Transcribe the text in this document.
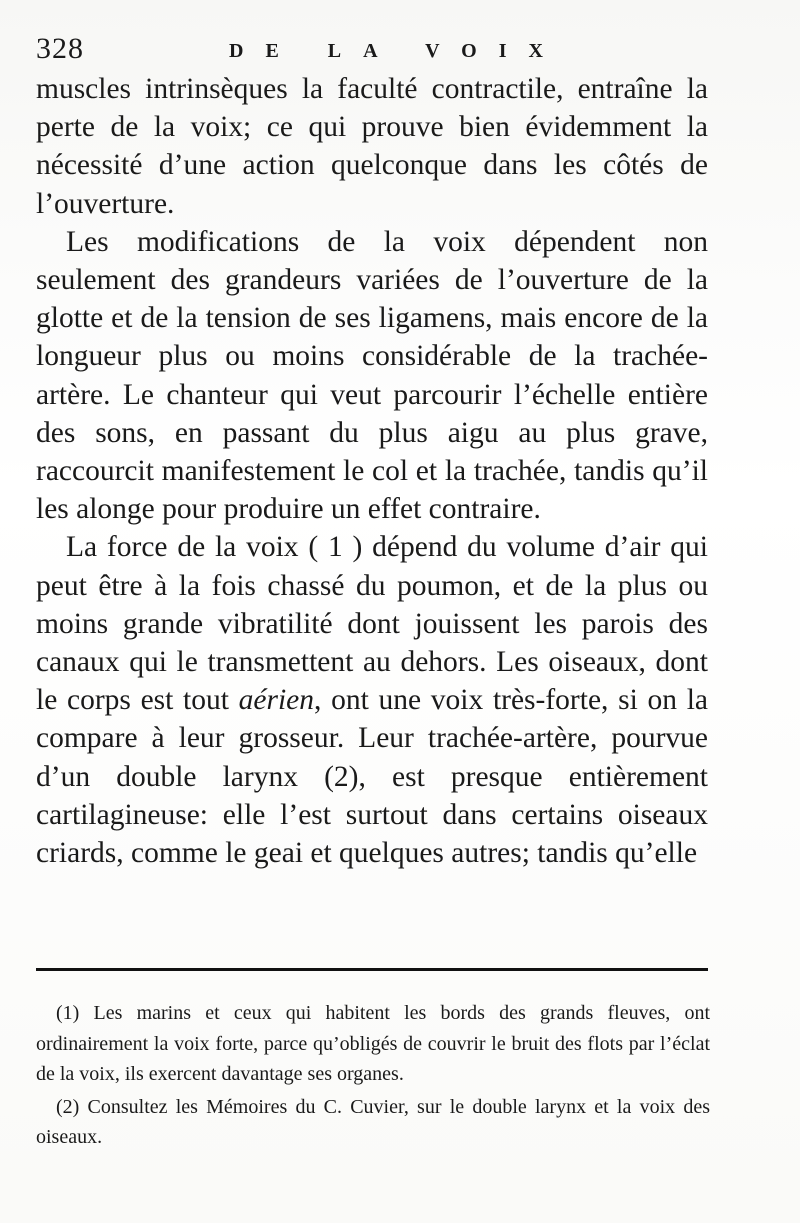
328	DE LA VOIX

muscles intrinsèques la faculté contractile, entraîne la perte de la voix; ce qui prouve bien évidemment la nécessité d’une action quelconque dans les côtés de l’ouverture.

Les modifications de la voix dépendent non seulement des grandeurs variées de l’ouverture de la glotte et de la tension de ses ligamens, mais encore de la longueur plus ou moins considérable de la trachée-artère. Le chanteur qui veut parcourir l’échelle entière des sons, en passant du plus aigu au plus grave, raccourcit manifestement le col et la trachée, tandis qu’il les alonge pour produire un effet contraire.

La force de la voix ( 1 ) dépend du volume d’air qui peut être à la fois chassé du poumon, et de la plus ou moins grande vibratilité dont jouissent les parois des canaux qui le transmettent au dehors. Les oiseaux, dont le corps est tout aérien, ont une voix très-forte, si on la compare à leur grosseur. Leur trachée-artère, pourvue d’un double larynx (2), est presque entièrement cartilagineuse: elle l’est surtout dans certains oiseaux criards, comme le geai et quelques autres; tandis qu’elle

(1) Les marins et ceux qui habitent les bords des grands fleuves, ont ordinairement la voix forte, parce qu’obligés de couvrir le bruit des flots par l’éclat de la voix, ils exercent davantage ses organes.

(2) Consultez les Mémoires du C. Cuvier, sur le double larynx et la voix des oiseaux.
